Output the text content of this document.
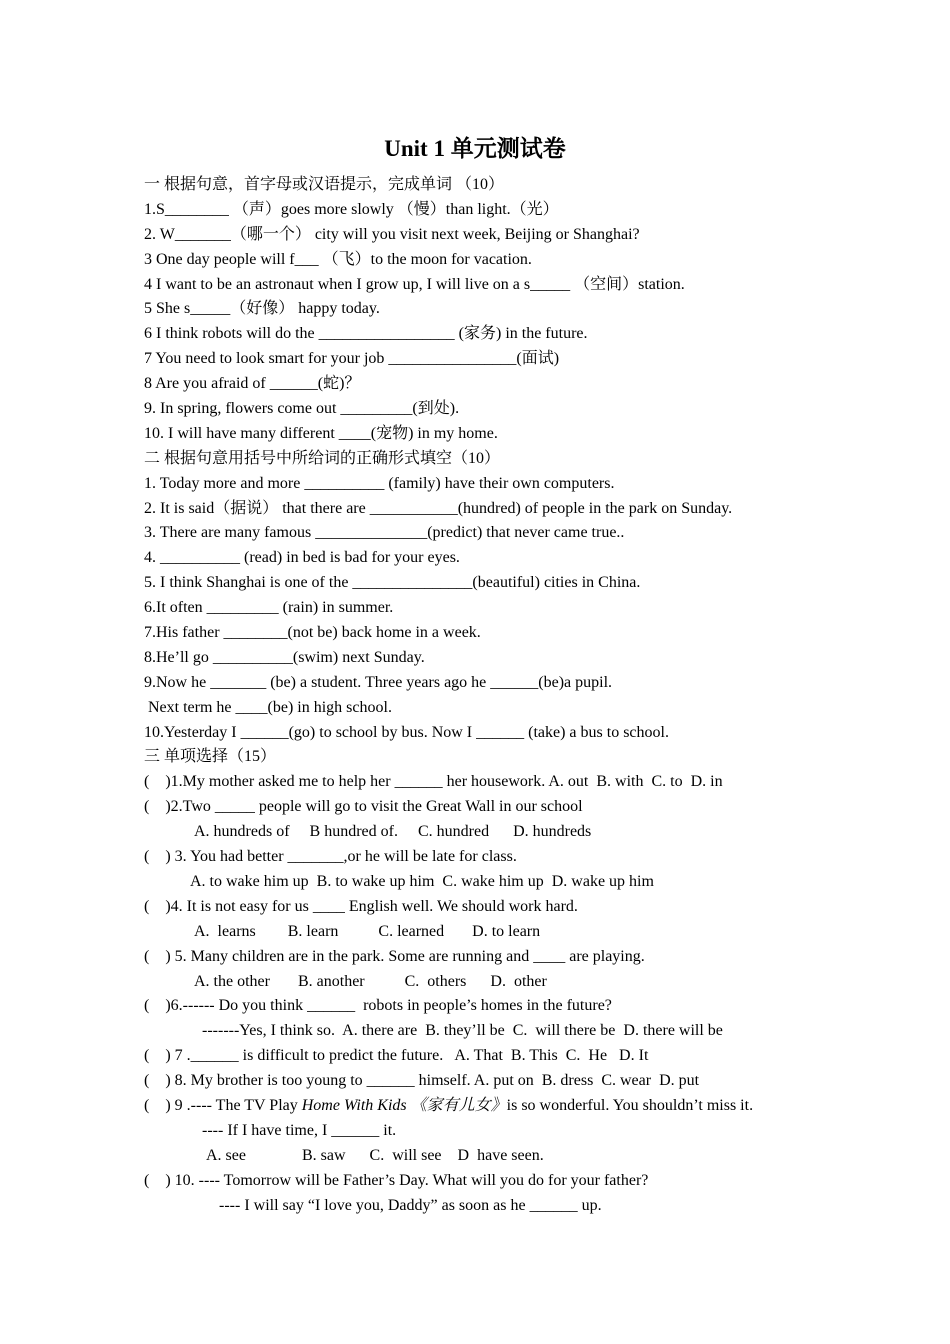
Unit 1 单元测试卷
一 根据句意，首字母或汉语提示，完成单词 （10）
1.S________ （声）goes more slowly （慢）than light.（光）
2. W_______（哪一个） city will you visit next week, Beijing or Shanghai?
3 One day people will f___ （飞）to the moon for vacation.
4 I want to be an astronaut when I grow up, I will live on a s_____ （空间）station.
5 She s_____（好像） happy today.
6 I think robots will do the _________________ (家务) in the future.
7 You need to look smart for your job ________________(面试)
8 Are you afraid of ______(蛇)？
9. In spring, flowers come out _________(到处).
10. I will have many different ____(宠物) in my home.
二 根据句意用括号中所给词的正确形式填空（10）
1. Today more and more __________ (family) have their own computers.
2. It is said（据说） that there are ___________(hundred) of people in the park on Sunday.
3. There are many famous ______________(predict) that never came true..
4. __________ (read) in bed is bad for your eyes.
5. I think Shanghai is one of the _______________(beautiful) cities in China.
6.It often _________ (rain) in summer.
7.His father ________(not be) back home in a week.
8.He’ll go __________(swim) next Sunday.
9.Now he _______ (be) a student. Three years ago he ______(be)a pupil.
Next term he ____(be) in high school.
10.Yesterday I ______(go) to school by bus. Now I ______ (take) a bus to school.
三 单项选择（15）
(    )1.My mother asked me to help her ______ her housework. A. out  B. with  C. to  D. in
(    )2.Two _____ people will go to visit the Great Wall in our school
A. hundreds of     B hundred of.     C. hundred      D. hundreds
(    ) 3. You had better _______,or he will be late for class.
A. to wake him up  B. to wake up him  C. wake him up  D. wake up him
(    )4. It is not easy for us ____ English well. We should work hard.
A.  learns        B. learn          C. learned       D. to learn
(    ) 5. Many children are in the park. Some are running and ____ are playing.
A. the other       B. another          C.  others      D.  other
(    )6.------ Do you think ______  robots in people’s homes in the future?
-------Yes, I think so.  A. there are  B. they’ll be  C.  will there be  D. there will be
(    ) 7 .______ is difficult to predict the future.   A. That  B. This  C.  He   D. It
(    ) 8. My brother is too young to ______ himself. A. put on  B. dress  C. wear  D. put
(    ) 9 .---- The TV Play Home With Kids 《家有儿女》is so wonderful. You shouldn’t miss it.
---- If I have time, I ______ it.
A. see              B. saw      C.  will see    D  have seen.
(    ) 10. ---- Tomorrow will be Father’s Day. What will you do for your father?
---- I will say “I love you, Daddy” as soon as he ______ up.
